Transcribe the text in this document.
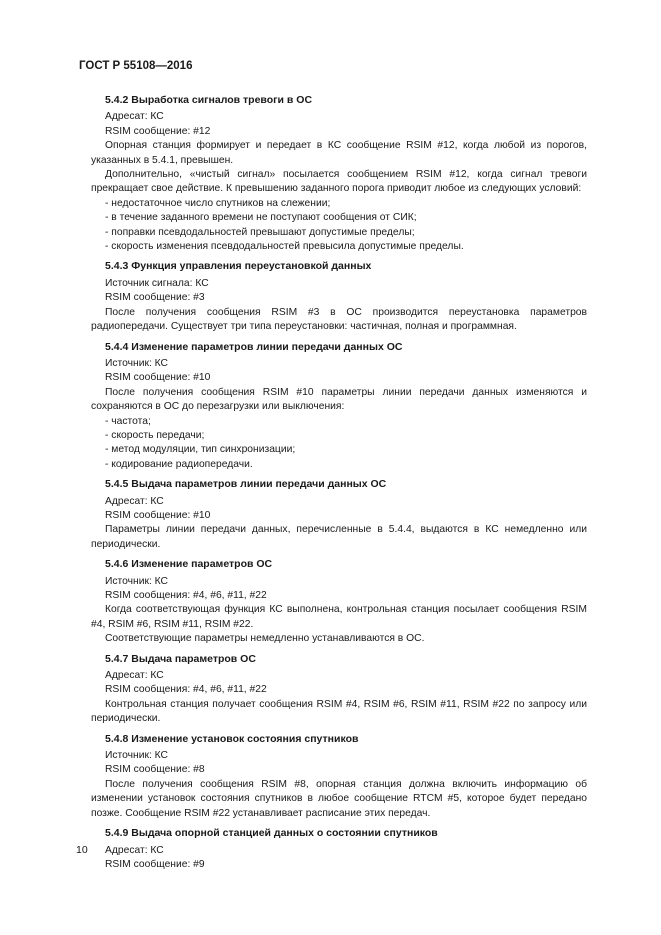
ГОСТ Р 55108—2016
5.4.2 Выработка сигналов тревоги в ОС

Адресат: КС

RSIM сообщение: #12

Опорная станция формирует и передает в КС сообщение RSIM #12, когда любой из порогов, указанных в 5.4.1, превышен.

Дополнительно, «чистый сигнал» посылается сообщением RSIM #12, когда сигнал тревоги прекращает свое действие. К превышению заданного порога приводит любое из следующих условий:

- недостаточное число спутников на слежении;
- в течение заданного времени не поступают сообщения от СИК;
- поправки псевдодальностей превышают допустимые пределы;
- скорость изменения псевдодальностей превысила допустимые пределы.
5.4.3 Функция управления переустановкой данных

Источник сигнала: КС

RSIM сообщение: #3

После получения сообщения RSIM #3 в ОС производится переустановка параметров радиопередачи. Существует три типа переустановки: частичная, полная и программная.

5.4.4 Изменение параметров линии передачи данных ОС

Источник: КС

RSIM сообщение: #10

После получения сообщения RSIM #10 параметры линии передачи данных изменяются и сохраняются в ОС до перезагрузки или выключения:

- частота;
- скорость передачи;
- метод модуляции, тип синхронизации;
- кодирование радиопередачи.
5.4.5 Выдача параметров линии передачи данных ОС

Адресат: КС

RSIM сообщение: #10

Параметры линии передачи данных, перечисленные в 5.4.4, выдаются в КС немедленно или периодически.

5.4.6 Изменение параметров ОС

Источник: КС

RSIM сообщения: #4, #6, #11, #22

Когда соответствующая функция КС выполнена, контрольная станция посылает сообщения RSIM #4, RSIM #6, RSIM #11, RSIM #22.

Соответствующие параметры немедленно устанавливаются в ОС.

5.4.7 Выдача параметров ОС

Адресат: КС

RSIM сообщения: #4, #6, #11, #22

Контрольная станция получает сообщения RSIM #4, RSIM #6, RSIM #11, RSIM #22 по запросу или периодически.

5.4.8 Изменение установок состояния спутников

Источник: КС

RSIM сообщение: #8

После получения сообщения RSIM #8, опорная станция должна включить информацию об изменении установок состояния спутников в любое сообщение RTCM #5, которое будет передано позже. Сообщение RSIM #22 устанавливает расписание этих передач.

5.4.9 Выдача опорной станцией данных о состоянии спутников

Адресат: КС

RSIM сообщение: #9

10
